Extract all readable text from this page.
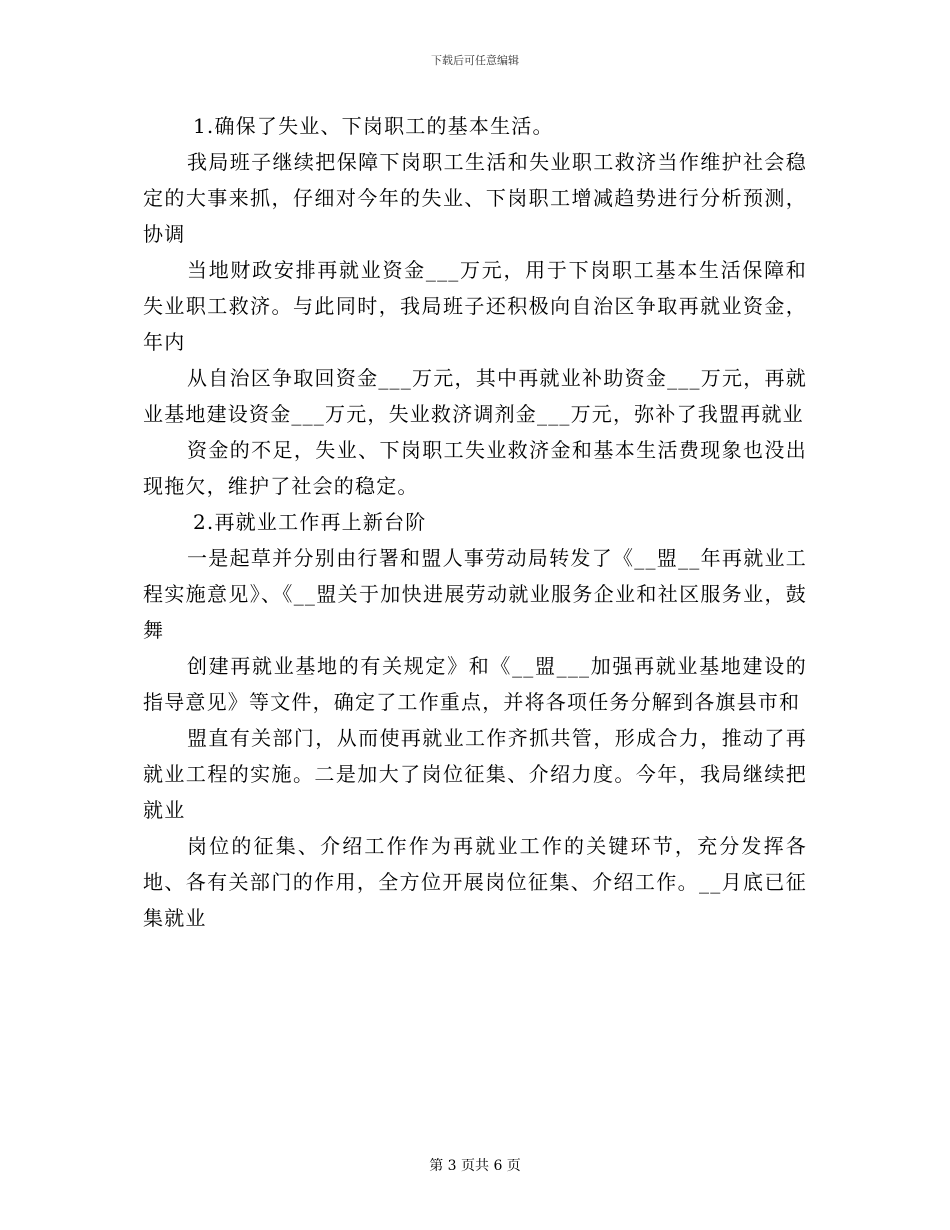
下载后可任意编辑

1.确保了失业、下岗职工的基本生活。

我局班子继续把保障下岗职工生活和失业职工救济当作维护社会稳定的大事来抓，仔细对今年的失业、下岗职工增减趋势进行分析预测，协调

当地财政安排再就业资金___万元，用于下岗职工基本生活保障和失业职工救济。与此同时，我局班子还积极向自治区争取再就业资金，年内

从自治区争取回资金___万元，其中再就业补助资金___万元，再就业基地建设资金___万元，失业救济调剂金___万元，弥补了我盟再就业

资金的不足，失业、下岗职工失业救济金和基本生活费现象也没出现拖欠，维护了社会的稳定。

2.再就业工作再上新台阶

一是起草并分别由行署和盟人事劳动局转发了《__盟__年再就业工程实施意见》、《__盟关于加快进展劳动就业服务企业和社区服务业，鼓舞

创建再就业基地的有关规定》和《__盟___加强再就业基地建设的指导意见》等文件，确定了工作重点，并将各项任务分解到各旗县市和

盟直有关部门，从而使再就业工作齐抓共管，形成合力，推动了再就业工程的实施。二是加大了岗位征集、介绍力度。今年，我局继续把就业

岗位的征集、介绍工作作为再就业工作的关键环节，充分发挥各地、各有关部门的作用，全方位开展岗位征集、介绍工作。__月底已征集就业

第 3 页共 6 页
